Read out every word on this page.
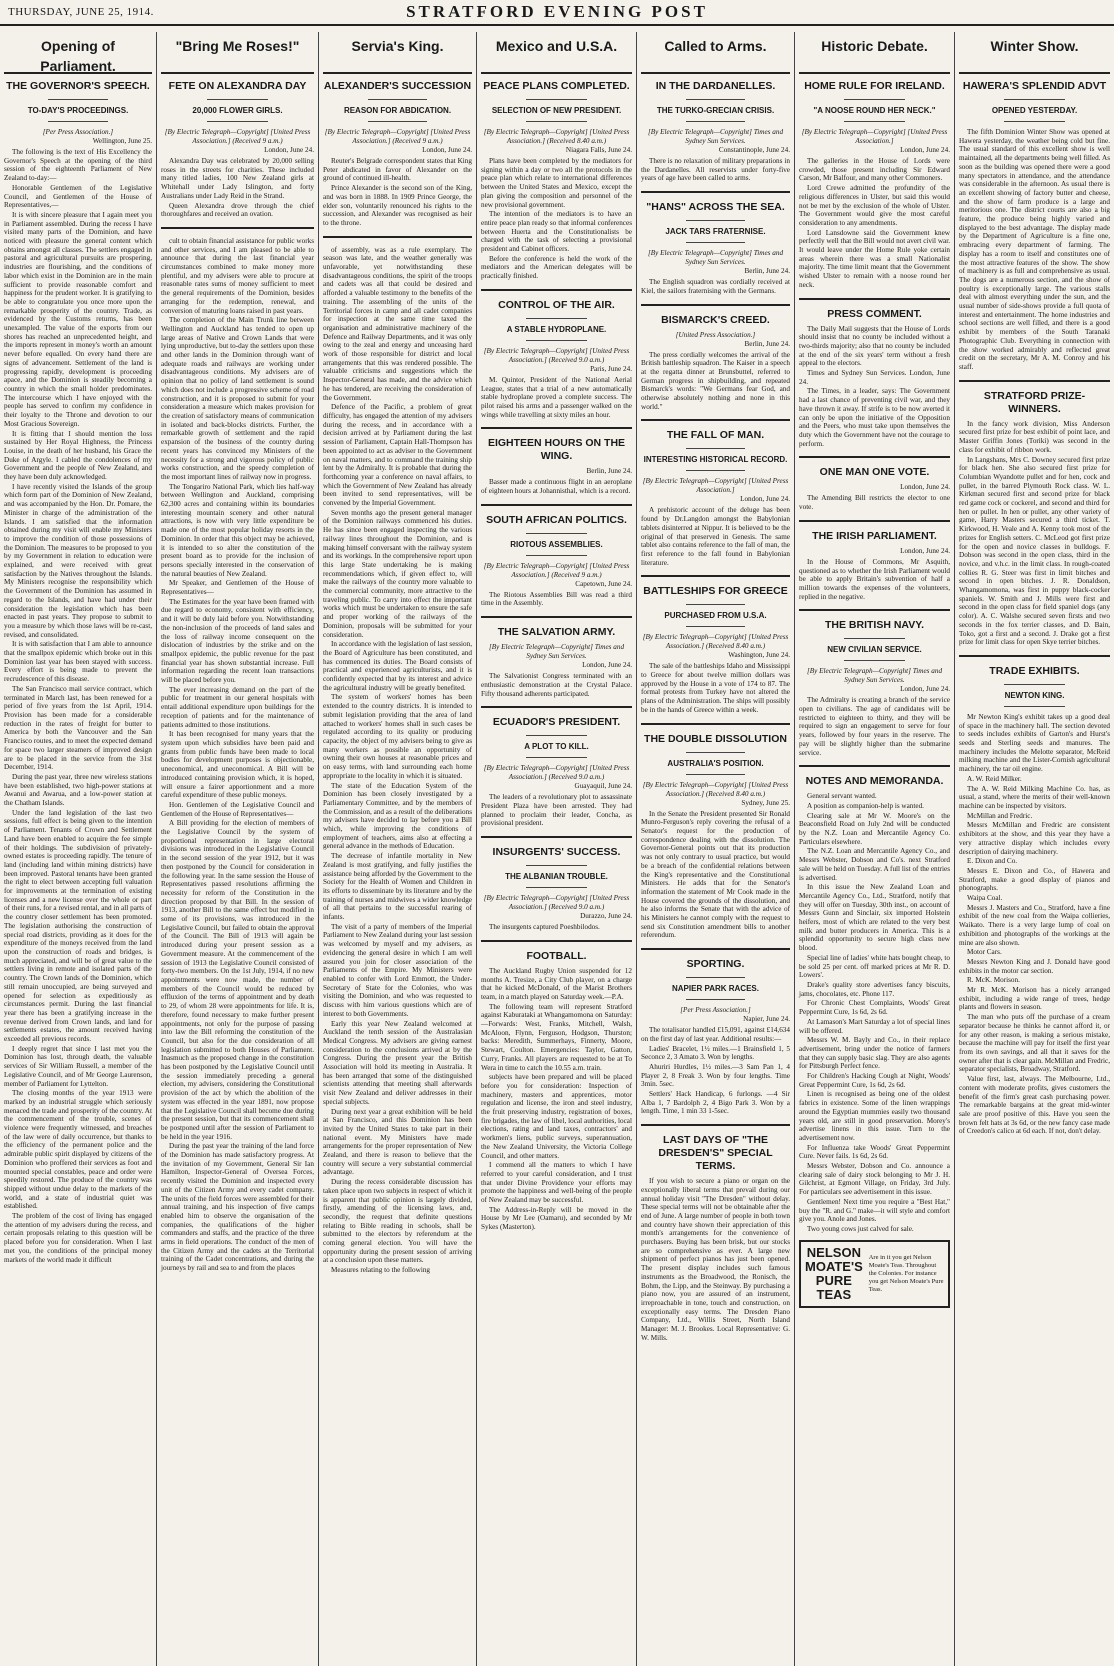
THURSDAY, JUNE 25, 1914.	STRATFORD EVENING POST
Opening of Parliament.
THE GOVERNOR'S SPEECH.
TO-DAY'S PROCEEDINGS.
[Per Press Association.]
Wellington, June 25.

The following is the text of His Excellency the Governor's Speech at the opening of the third session of the eighteenth Parliament of New Zealand to-day:—

Honorable Gentlemen of the Legislative Council, and Gentlemen of the House of Representatives,—

It is with sincere pleasure that I again meet you in Parliament assembled. During the recess I have visited many parts of the Dominion, and have noticed with pleasure the general content which obtains amongst all classes. The settlers engaged in pastoral and agricultural pursuits are prospering, industries are flourishing, and the conditions of labor which exist in the Dominion are in the main sufficient to provide reasonable comfort and happiness for the prudent worker. It is gratifying to be able to congratulate you once more upon the remarkable prosperity of the country. Trade, as evidenced by the Customs returns, has been unexampled. The value of the exports from our shores has reached an unprecedented height, and the imports represent in money's worth an amount never before equalled. On every hand there are signs of advancement. Settlement of the land is progressing rapidly, development is proceeding apace, and the Dominion is steadily becoming a country in which the small holder predominates. The intercourse which I have enjoyed with the people has served to confirm my confidence in their loyalty to the Throne and devotion to our Most Gracious Sovereign.

It is fitting that I should mention the loss sustained by Her Royal Highness, the Princess Louise, in the death of her husband, his Grace the Duke of Argyle. I cabled the condolences of my Government and the people of New Zealand, and they have been duly acknowledged.

I have recently visited the Islands of the group which form part of the Dominion of New Zealand, and was accompanied by the Hon. Dr. Pomare, the Minister in charge of the administration of the Islands. I am satisfied that the information obtained during my visit will enable my Ministers to improve the condition of those possessions of the Dominion. The measures to be proposed to you by my Government in relation to education were explained, and were received with great satisfaction by the Natives throughout the Islands. My Ministers recognise the responsibility which the Government of the Dominion has assumed in regard to the Islands, and have had under their consideration the legislation which has been enacted in past years. They propose to submit to you a measure by which those laws will be re-cast, revised, and consolidated.

It is with satisfaction that I am able to announce that the smallpox epidemic which broke out in this Dominion last year has been stayed with success. Every effort is being made to prevent the recrudescence of this disease.

The San Francisco mail service contract, which terminated in March last, has been renewed for a period of five years from the 1st April, 1914. Provision has been made for a considerable reduction in the rates of freight for butter to America by both the Vancouver and the San Francisco routes, and to meet the expected demand for space two larger steamers of improved design are to be placed in the service from the 31st December, 1914.

During the past year, three new wireless stations have been established, two high-power stations at Awanui and Awarua, and a low-power station at the Chatham Islands.

Under the land legislation of the last two sessions, full effect is being given to the intention of Parliament. Tenants of Crown and Settlement Land have been enabled to acquire the fee simple of their holdings. The subdivision of privately-owned estates is proceeding rapidly. The tenure of land (including land within mining districts) have been improved. Pastoral tenants have been granted the right to elect between accepting full valuation for improvements at the termination of existing licenses and a new license over the whole or part of their runs, for a revised rental, and in all parts of the country closer settlement has been promoted. The legislation authorising the construction of special road districts, providing as it does for the expenditure of the moneys received from the land upon the construction of roads and bridges, is much appreciated, and will be of great value to the settlers living in remote and isolated parts of the country. The Crown lands of the Dominion, which still remain unoccupied, are being surveyed and opened for selection as expeditiously as circumstances permit. During the last financial year there has been a gratifying increase in the revenue derived from Crown lands, and land for settlements estates, the amount received having exceeded all previous records.

I deeply regret that since I last met you the Dominion has lost, through death, the valuable services of Sir William Russell, a member of the Legislative Council, and of Mr George Laurenson, member of Parliament for Lyttelton.

The closing months of the year 1913 were marked by an industrial struggle which seriously menaced the trade and prosperity of the country. At the commencement of the trouble, scenes of violence were frequently witnessed, and breaches of the law were of daily occurrence, but thanks to the efficiency of the permanent police and the admirable public spirit displayed by citizens of the Dominion who proffered their services as foot and mounted special constables, peace and order were speedily restored. The produce of the country was shipped without undue delay to the markets of the world, and a state of industrial quiet was established.

The problem of the cost of living has engaged the attention of my advisers during the recess, and certain proposals relating to this question will be placed before you for consideration. When I last met you, the conditions of the principal money markets of the world made it difficult

"Bring Me Roses!"
FETE ON ALEXANDRA DAY
20,000 FLOWER GIRLS.
[By Electric Telegraph—Copyright] [United Press Association.] (Received 9 a.m.)
London, June 24.

Alexandra Day was celebrated by 20,000 selling roses in the streets for charities. These included many titled ladies, 100 New Zealand girls at Whitehall under Lady Islington, and forty Australians under Lady Reid in the Strand.

Queen Alexandra drove through the chief thoroughfares and received an ovation.

cult to obtain financial assistance for public works and other services, and I am pleased to be able to announce that during the last financial year circumstances combined to make money more plentiful, and my advisers were able to procure at reasonable rates sums of money sufficient to meet the general requirements of the Dominion, besides arranging for the redemption, renewal, and conversion of maturing loans raised in past years.

The completion of the Main Trunk line between Wellington and Auckland has tended to open up large areas of Native and Crown Lands that were lying unproductive, but to-day the settlers upon these and other lands in the Dominion through want of adequate roads and railways are working under disadvantageous conditions. My advisers are of opinion that no policy of land settlement is sound which does not include a progressive scheme of road construction, and it is proposed to submit for your consideration a measure which makes provision for the creation of satisfactory means of communication in isolated and back-blocks districts. Further, the remarkable growth of settlement and the rapid expansion of the business of the country during recent years has convinced my Ministers of the necessity for a strong and vigorous policy of public works construction, and the speedy completion of the most important lines of railway now in progress.

The Tongariro National Park, which lies half-way between Wellington and Auckland, comprising 62,300 acres and containing within its boundaries interesting mountain scenery and other natural attractions, is now with very little expenditure be made one of the most popular holiday resorts in the Dominion. In order that this object may be achieved, it is intended to so alter the constitution of the present board as to provide for the inclusion of persons specially interested in the conservation of the natural beauties of New Zealand.

Mr Speaker, and Gentlemen of the House of Representatives—

The Estimates for the year have been framed with due regard to economy, consistent with efficiency, and it will be duly laid before you. Notwithstanding the non-inclusion of the proceeds of land sales and the loss of railway income consequent on the dislocation of industries by the strike and on the smallpox epidemic, the public revenue for the past financial year has shown substantial increase. Full information regarding the recent loan transactions will be placed before you.

The ever increasing demand on the part of the public for treatment in our general hospitals with entail additional expenditure upon buildings for the reception of patients and for the maintenance of patients admitted to those institutions.

It has been recognised for many years that the system upon which subsidies have been paid and grants from public funds have been made to local bodies for development purposes is objectionable, uneconomical, and uneconomical. A Bill will be introduced containing provision which, it is hoped, will ensure a fairer apportionment and a more careful expenditure of these public moneys.

Hon. Gentlemen of the Legislative Council and Gentlemen of the House of Representatives—

A Bill providing for the election of members of the Legislative Council by the system of proportional representation in large electoral divisions was introduced in the Legislative Council in the second session of the year 1912, but it was then postponed by the Council for consideration in the following year. In the same session the House of Representatives passed resolutions affirming the necessity for reform of the Constitution in the direction proposed by that Bill. In the session of 1913, another Bill to the same effect but modified in some of its provisions, was introduced in the Legislative Council, but failed to obtain the approval of the Council. The Bill of 1913 will again be introduced during your present session as a Government measure. At the commencement of the session of 1913 the Legislative Council consisted of forty-two members. On the 1st July, 1914, if no new appointments were now made, the number of members of the Council would be reduced by effluxion of the terms of appointment and by death to 29, of whom 28 were appointments for life. It is, therefore, found necessary to make further present appointments, not only for the purpose of passing into law the Bill reforming the constitution of the Council, but also for the due consideration of all legislation submitted to both Houses of Parliament. Inasmuch as the proposed change in the constitution has been postponed by the Legislative Council until the session immediately preceding a general election, my advisers, considering the Constitutional provision of the act by which the abolition of the system was effected in the year 1891, now propose that the Legislative Council shall become due during the present session, but that its commencement shall be postponed until after the session of Parliament to be held in the year 1916.

During the past year the training of the land force of the Dominion has made satisfactory progress. At the invitation of my Government, General Sir Ian Hamilton, Inspector-General of Oversea Forces, recently visited the Dominion and inspected every unit of the Citizen Army and every cadet company. The units of the field forces were assembled for their annual training, and his inspection of five camps enabled him to observe the organisation of the companies, the qualifications of the higher commanders and staffs, and the practice of the three arms in field operations. The conduct of the men of the Citizen Army and the cadets at the Territorial training of the Cadet concentrations, and during the journeys by rail and sea to and from the places

Servia's King.
ALEXANDER'S SUCCESSION
REASON FOR ABDICATION.
[By Electric Telegraph—Copyright] [United Press Association.] (Received 9 a.m.)
London, June 24.

Reuter's Belgrade correspondent states that King Peter abdicated in favor of Alexander on the ground of continued ill-health.

Prince Alexander is the second son of the King, and was born in 1888. In 1909 Prince George, the elder son, voluntarily renounced his rights to the succession, and Alexander was recognised as heir to the throne.

of assembly, was as a rule exemplary. The season was late, and the weather generally was unfavorable, yet notwithstanding these disadvantageous conditions, the spirit of the troops and cadets was all that could be desired and afforded a valuable testimony to the benefits of the training. The assembling of the units of the Territorial forces in camp and all cadet companies for inspection at the same time taxed the organisation and administrative machinery of the Defence and Railway Departments, and it was only owing to the zeal and energy and unceasing hard work of those responsible for district and local arrangements that this was rendered possible. The valuable criticisms and suggestions which the Inspector-General has made, and the advice which he has tendered, are receiving the consideration of the Government.

Defence of the Pacific, a problem of great difficulty, has engaged the attention of my advisers during the recess, and in accordance with a decision arrived at by Parliament during the last session of Parliament, Captain Hall-Thompson has been appointed to act as adviser to the Government on naval matters, and to command the training ship lent by the Admiralty. It is probable that during the forthcoming year a conference on naval affairs, to which the Government of New Zealand has already been invited to send representatives, will be convened by the Imperial Government.

Seven months ago the present general manager of the Dominion railways commenced his duties. He has since been engaged inspecting the various railway lines throughout the Dominion, and is making himself conversant with the railway system and its workings. In the comprehensive report upon this large State undertaking he is making recommendations which, if given effect to, will make the railways of the country more valuable to the commercial community, more attractive to the traveling public. To carry into effect the important works which must be undertaken to ensure the safe and proper working of the railways of the Dominion, proposals will be submitted for your consideration.

In accordance with the legislation of last session, the Board of Agriculture has been constituted, and has commenced its duties. The Board consists of practical and experienced agriculturists, and it is confidently expected that by its interest and advice the agricultural industry will be greatly benefited.

The system of workers' homes has been extended to the country districts. It is intended to submit legislation providing that the area of land attached to workers' homes shall in such cases be regulated according to its quality or producing capacity, the object of my advisers being to give as many workers as possible an opportunity of owning their own houses at reasonable prices and on easy terms, with land surrounding each home appropriate to the locality in which it is situated.

The state of the Education System of the Dominion has been closely investigated by a Parliamentary Committee, and by the members of the Commission, and as a result of the deliberations my advisers have decided to lay before you a Bill which, while improving the conditions of employment of teachers, aims also at effecting a general advance in the methods of Education.

The decrease of infantile mortality in New Zealand is most gratifying, and fully justifies the assistance being afforded by the Government to the Society for the Health of Women and Children in its efforts to disseminate by its literature and by the training of nurses and midwives a wider knowledge of all that pertains to the successful rearing of infants.

The visit of a party of members of the Imperial Parliament to New Zealand during your last session was welcomed by myself and my advisers, as evidencing the general desire in which I am well assured you join for closer association of the Parliaments of the Empire. My Ministers were enabled to confer with Lord Emmott, the Under-Secretary of State for the Colonies, who was visiting the Dominion, and who was requested to discuss with him various questions which are of interest to both Governments.

Early this year New Zealand welcomed at Auckland the tenth session of the Australasian Medical Congress. My advisers are giving earnest consideration to the conclusions arrived at by the Congress. During the present year the British Association will hold its meeting in Australia. It has been arranged that some of the distinguished scientists attending that meeting shall afterwards visit New Zealand and deliver addresses in their special subjects.

During next year a great exhibition will be held at San Francisco, and this Dominion has been invited by the United States to take part in their national event. My Ministers have made arrangements for the proper representation of New Zealand, and there is reason to believe that the country will secure a very substantial commercial advantage.

During the recess considerable discussion has taken place upon two subjects in respect of which it is apparent that public opinion is largely divided, firstly, amending of the licensing laws, and, secondly, the request that definite questions relating to Bible reading in schools, shall be submitted to the electors by referendum at the coming general election. You will have the opportunity during the present session of arriving at a conclusion upon these matters.

Measures relating to the following

Mexico and U.S.A.
PEACE PLANS COMPLETED.
SELECTION OF NEW PRESIDENT.
[By Electric Telegraph—Copyright] [United Press Association.] (Received 8.40 a.m.)
Niagara Falls, June 24.

Plans have been completed by the mediators for signing within a day or two all the protocols in the peace plan which relate to international differences between the United States and Mexico, except the plan giving the composition and personnel of the new provisional government.

The intention of the mediators is to have an entire peace plan ready so that informal conferences between Huerta and the Constitutionalists be charged with the task of selecting a provisional president and Cabinet officers.

Before the conference is held the work of the mediators and the American delegates will be practically finished.

CONTROL OF THE AIR.
A STABLE HYDROPLANE.
[By Electric Telegraph—Copyright] [United Press Association.] (Received 9.0 a.m.)
Paris, June 24.

M. Quintor, President of the National Aerial League, states that a trial of a new automatically stable hydroplane proved a complete success. The pilot raised his arms and a passenger walked on the wings while travelling at sixty miles an hour.

EIGHTEEN HOURS ON THE WING.
Berlin, June 24.

Basser made a continuous flight in an aeroplane of eighteen hours at Johannisthal, which is a record.

SOUTH AFRICAN POLITICS.
RIOTOUS ASSEMBLIES.
[By Electric Telegraph—Copyright] [United Press Association.] (Received 9 a.m.)
Capetown, June 24.

The Riotous Assemblies Bill was read a third time in the Assembly.

THE SALVATION ARMY.
[By Electric Telegraph—Copyright] Times and Sydney Sun Services.
London, June 24.

The Salvationist Congress terminated with an enthusiastic demonstration at the Crystal Palace. Fifty thousand adherents participated.

ECUADOR'S PRESIDENT.
A PLOT TO KILL.
[By Electric Telegraph—Copyright] [United Press Association.] (Received 9.0 a.m.)
Guayaquil, June 24.

The leaders of a revolutionary plot to assassinate President Plaza have been arrested. They had planned to proclaim their leader, Concha, as provisional president.

INSURGENTS' SUCCESS.
THE ALBANIAN TROUBLE.
[By Electric Telegraph—Copyright] [United Press Association.] (Received 9.0 a.m.)
Durazzo, June 24.

The insurgents captured Poeshbilodos.

FOOTBALL.

The Auckland Rugby Union suspended for 12 months A. Tresize, a City Club player, on a charge that he kicked McDonald, of the Marist Brothers team, in a match played on Saturday week.—P.A.

The following team will represent Stratford against Kaburataki at Whangamomona on Saturday:—Forwards: West, Franks, Mitchell, Walsh, McAloon, Flynn, Ferguson, Hodgson, Thurston; backs: Meredith, Summerhays, Finnerty, Moore, Stewart, Coulton. Emergencies: Taylor, Gatton, Curry, Franks. All players are requested to be at To Wera in time to catch the 10.55 a.m. train.

subjects have been prepared and will be placed before you for consideration: Inspection of machinery, masters and apprentices, motor regulation and license, the iron and steel industry, the fruit preserving industry, registration of boxes, fire brigades, the law of libel, local authorities, local elections, rating and land taxes, contractors' and workmen's liens, public surveys, superannuation, the New Zealand University, the Victoria College Council, and other matters.

I commend all the matters to which I have referred to your careful consideration, and I trust that under Divine Providence your efforts may promote the happiness and well-being of the people of New Zealand may be successful.

The Address-in-Reply will be moved in the House by Mr Lee (Oamaru), and seconded by Mr Sykes (Masterton).

Called to Arms.
IN THE DARDANELLES.
THE TURKO-GRECIAN CRISIS.
[By Electric Telegraph—Copyright] Times and Sydney Sun Services.
Constantinople, June 24.

There is no relaxation of military preparations in the Dardanelles. All reservists under forty-five years of age have been called to arms.

"HANS" ACROSS THE SEA.
JACK TARS FRATERNISE.
[By Electric Telegraph—Copyright] Times and Sydney Sun Services.
Berlin, June 24.

The English squadron was cordially received at Kiel, the sailors fraternising with the Germans.

BISMARCK'S CREED.
[United Press Association.]
Berlin, June 24.

The press cordially welcomes the arrival of the British battleship squadron. The Kaiser in a speech at the regatta dinner at Brunsbuttel, referred to German progress in shipbuilding, and repeated Bismarck's words: "We Germans fear God, and otherwise absolutely nothing and none in this world."

THE FALL OF MAN.
INTERESTING HISTORICAL RECORD.
[By Electric Telegraph—Copyright] [United Press Association.]
London, June 24.

A prehistoric account of the deluge has been found by Dr.Langdon amongst the Babylonian tablets disinterred at Nippur. It is believed to be the original of that preserved in Genesis. The same tablet also contains reference to the fall of man, the first reference to the fall found in Babylonian literature.

BATTLESHIPS FOR GREECE
PURCHASED FROM U.S.A.
[By Electric Telegraph—Copyright] [United Press Association.] (Received 8.40 a.m.)
Washington, June 24.

The sale of the battleships Idaho and Mississippi to Greece for about twelve million dollars was approved by the House in a vote of 174 to 87. The formal protests from Turkey have not altered the plans of the Administration. The ships will possibly be in the hands of Greece within a week.

THE DOUBLE DISSOLUTION
AUSTRALIA'S POSITION.
[By Electric Telegraph—Copyright] [United Press Association.] (Received 8.40 a.m.)
Sydney, June 25.

In the Senate the President presented Sir Ronald Munro-Ferguson's reply covering the refusal of a Senator's request for the production of correspondence dealing with the dissolution. The Governor-General points out that its production was not only contrary to usual practice, but would be a breach of the confidential relations between the King's representative and the Constitutional Ministers. He adds that for the Senator's information the statement of Mr Cook made in the House covered the grounds of the dissolution, and he also informs the Senate that with the advice of his Ministers he cannot comply with the request to send six Constitution amendment bills to another referendum.

SPORTING.
NAPIER PARK RACES.
[Per Press Association.]
Napier, June 24.

The totalisator handled £15,091, against £14,634 on the first day of last year. Additional results:—

Ladies' Bracelet, 1½ miles.—1 Brainsfield 1, 5 Seconce 2, 3 Amato 3. Won by lengths.

Ahuriri Hurdles, 1½ miles.—3 Sam Pan 1, 4 Player 2, 8 Freak 3. Won by four lengths. Time 3min. 5sec.

Settlers' Hack Handicap, 6 furlongs. —4 Sir Alba 1, 7 Bardolph 2, 4 Bigo Park 3. Won by a length. Time, 1 min 33 1-5sec.

LAST DAYS OF "THE DRESDEN'S" SPECIAL TERMS.

If you wish to secure a piano or organ on the exceptionally liberal terms that prevail during our annual holiday visit "The Dresden" without delay. These special terms will not be obtainable after the end of June. A large number of people in both town and country have shown their appreciation of this month's arrangements for the convenience of purchasers. Buying has been brisk, but our stocks are so comprehensive as ever. A large new shipment of perfect pianos has just been opened. The present display includes such famous instruments as the Broadwood, the Ronisch, the Bohm, the Lipp, and the Steinway. By purchasing a piano now, you are assured of an instrument, irreproachable in tone, touch and construction, on exceptionally easy terms. The Dresden Piano Company, Ltd., Willis Street, North Island Manager: M. J. Brookes. Local Representative: G. W. Mills.

Historic Debate.
HOME RULE FOR IRELAND.
"A NOOSE ROUND HER NECK."
[By Electric Telegraph—Copyright] [United Press Association.]
London, June 24.

The galleries in the House of Lords were crowded, those present including Sir Edward Carson, Mr Balfour, and many other Commoners.

Lord Crewe admitted the profundity of the religious differences in Ulster, but said this would not be met by the exclusion of the whole of Ulster. The Government would give the most careful consideration to any amendments.

Lord Lansdowne said the Government knew perfectly well that the Bill would not avert civil war. It would leave under the Home Rule yoke certain areas wherein there was a small Nationalist majority. The time limit meant that the Government wished Ulster to remain with a noose round her neck.

PRESS COMMENT.

The Daily Mail suggests that the House of Lords should insist that no county be included without a two-thirds majority; also that no county be included at the end of the six years' term without a fresh appeal to the electors.

Times and Sydney Sun Services. London, June 24.

The Times, in a leader, says: The Government had a last chance of preventing civil war, and they have thrown it away. If strife is to be now averted it can only be upon the initiative of the Opposition and the Peers, who must take upon themselves the duty which the Government have not the courage to perform.

ONE MAN ONE VOTE.
London, June 24.

The Amending Bill restricts the elector to one vote.

THE IRISH PARLIAMENT.
London, June 24.

In the House of Commons, Mr Asquith, questioned as to whether the Irish Parliament would be able to apply Britain's subvention of half a million towards the expenses of the volunteers, replied in the negative.

THE BRITISH NAVY.
NEW CIVILIAN SERVICE.
[By Electric Telegraph—Copyright] Times and Sydney Sun Services.
London, June 24.

The Admiralty is creating a branch of the service open to civilians. The age of candidates will be restricted to eighteen to thirty, and they will be required to sign an engagement to serve for four years, followed by four years in the reserve. The pay will be slightly higher than the submarine service.

NOTES AND MEMORANDA.

General servant wanted.

A position as companion-help is wanted.

Clearing sale at Mr W. Moore's on the Beaconsfield Road on July 2nd will be conducted by the N.Z. Loan and Mercantile Agency Co. Particulars elsewhere.

The N.Z. Loan and Mercantile Agency Co., and Messrs Webster, Dobson and Co's. next Stratford sale will be held on Tuesday. A full list of the entries is advertised.

In this issue the New Zealand Loan and Mercantile Agency Co., Ltd., Stratford, notify that they will offer on Tuesday, 30th inst., on account of Messrs Gunn and Sinclair, six imported Holstein heifers, most of which are related to the very best milk and butter producers in America. This is a splendid opportunity to secure high class new blood.

Special line of ladies' white hats bought cheap, to be sold 25 per cent. off marked prices at Mr R. D. Lowers'.

Drake's quality store advertises fancy biscuits, jams, chocolates, etc. Phone 117.

For Chronic Chest Complaints, Woods' Great Peppermint Cure, 1s 6d, 2s 6d.

At Lamason's Mart Saturday a lot of special lines will be offered.

Messrs W. M. Bayly and Co., in their replace advertisement, bring under the notice of farmers that they can supply basic slag. They are also agents for Pittsburgh Perfect fence.

For Children's Hacking Cough at Night, Woods' Great Peppermint Cure, 1s 6d, 2s 6d.

Linen is recognised as being one of the oldest fabrics in existence. Some of the linen wrappings around the Egyptian mummies easily two thousand years old, are still in good preservation. Morey's advertise linens in this issue. Turn to the advertisement now.

For Influenza take Woods' Great Peppermint Cure. Never fails. 1s 6d, 2s 6d.

Messrs Webster, Dobson and Co. announce a clearing sale of dairy stock belonging to Mr J. H. Gilchrist, at Egmont Village, on Friday, 3rd July. For particulars see advertisement in this issue.

Gentlemen! Next time you require a "Best Hat," buy the "R. and G." make—it will style and comfort give you. Anole and Jones.

Two young cows just calved for sale.

NELSON MOATE'S PURE TEAS
Are in it you get Nelson Moate's Teas. Throughout the Colonies. For instance you get Nelson Moate's Pure Teas.
Winter Show.
HAWERA'S SPLENDID ADVT
OPENED YESTERDAY.

The fifth Dominion Winter Show was opened at Hawera yesterday, the weather being cold but fine. The usual standard of this excellent show is well maintained, all the departments being well filled. As soon as the building was opened there were a good many spectators in attendance, and the attendance was considerable in the afternoon. As usual there is an excellent showing of factory butter and cheese, and the show of farm produce is a large and meritorious one. The district courts are also a big feature, the produce being highly varied and displayed to the best advantage. The display made by the Department of Agriculture is a fine one, embracing every department of farming. The display has a room to itself and constitutes one of the most attractive features of the show. The show of machinery is as full and comprehensive as usual. The dogs are a numerous section, and the show of poultry is exceptionally large. The various stalls deal with almost everything under the sun, and the usual number of side-shows provide a full quota of interest and entertainment. The home industries and school sections are well filled, and there is a good exhibit by members of the South Taranaki Photographic Club. Everything in connection with the show worked admirably and reflected great credit on the secretary, Mr A. M. Conroy and his staff.

STRATFORD PRIZE-WINNERS.

In the fancy work division, Miss Anderson secured first prize for best exhibit of point lace, and Master Griffin Jones (Toriki) was second in the class for exhibit of ribbon work.

In Langshans, Mrs C. Downey secured first prize for black hen. She also secured first prize for Columbian Wyandotte pullet and for hen, cock and pullet, in the barred Plymouth Rock class. W. L. Kirkman secured first and second prize for black red game cock or cockerel, and second and third for hen or pullet. In hen or pullet, any other variety of game, Harry Masters secured a third ticket. T. Kirkwood, H. Veale and A. Kenny took most of the prizes for English setters. C. McLeod got first prize for the open and novice classes in bulldogs. F. Dobson was second in the open class, third in the novice, and v.h.c. in the limit class. In rough-coated collies R. G. Steer was first in limit bitches and second in open bitches. J. R. Donaldson, Whangamomona, was first in puppy black-cocker spaniels. W. Smith and J. Mills were first and second in the open class for field spaniel dogs (any color). A. C. Walshe secured seven firsts and two seconds in the fox terrier classes, and D. Bain, Toko, got a first and a second. J. Drake got a first prize for limit class for open Skye terrier bitches.

TRADE EXHIBITS.
NEWTON KING.

Mr Newton King's exhibit takes up a good deal of space in the machinery hall. The section devoted to seeds includes exhibits of Garton's and Hurst's seeds and Sterling seeds and manures. The machinery includes the Melotte separator, McReid milking machine and the Lister-Cornish agricultural machinery, the tar oil engine.

A. W. Reid Milker.

The A. W. Reid Milking Machine Co. has, as usual, a stand, where the merits of their well-known machine can be inspected by visitors.

McMillan and Fredric.

Messrs McMillan and Fredric are consistent exhibitors at the show, and this year they have a very attractive display which includes every description of dairying machinery.

E. Dixon and Co.

Messrs E. Dixon and Co., of Hawera and Stratford, make a good display of pianos and phonographs.

Waipa Coal.

Messrs J. Masters and Co., Stratford, have a fine exhibit of the new coal from the Waipa collieries, Waikato. There is a very large lump of coal on exhibition and photographs of the workings at the mine are also shown.

Motor Cars.

Messrs Newton King and J. Donald have good exhibits in the motor car section.

R. McK. Morison.

Mr R. McK. Morison has a nicely arranged exhibit, including a wide range of trees, hedge plants and flowers in season.

The man who puts off the purchase of a cream separator because he thinks he cannot afford it, or for any other reason, is making a serious mistake, because the machine will pay for itself the first year from its own savings, and all that it saves for the owner after that is clear gain. McMillan and Fredric, separator specialists, Broadway, Stratford.

Value first, last, always. The Melbourne, Ltd., content with moderate profits, gives customers the benefit of the firm's great cash purchasing power. The remarkable bargains at the great mid-winter sale are proof positive of this. Have you seen the brown felt hats at 3s 6d, or the new fancy case made of Creedon's calico at 6d each. If not, don't delay.
